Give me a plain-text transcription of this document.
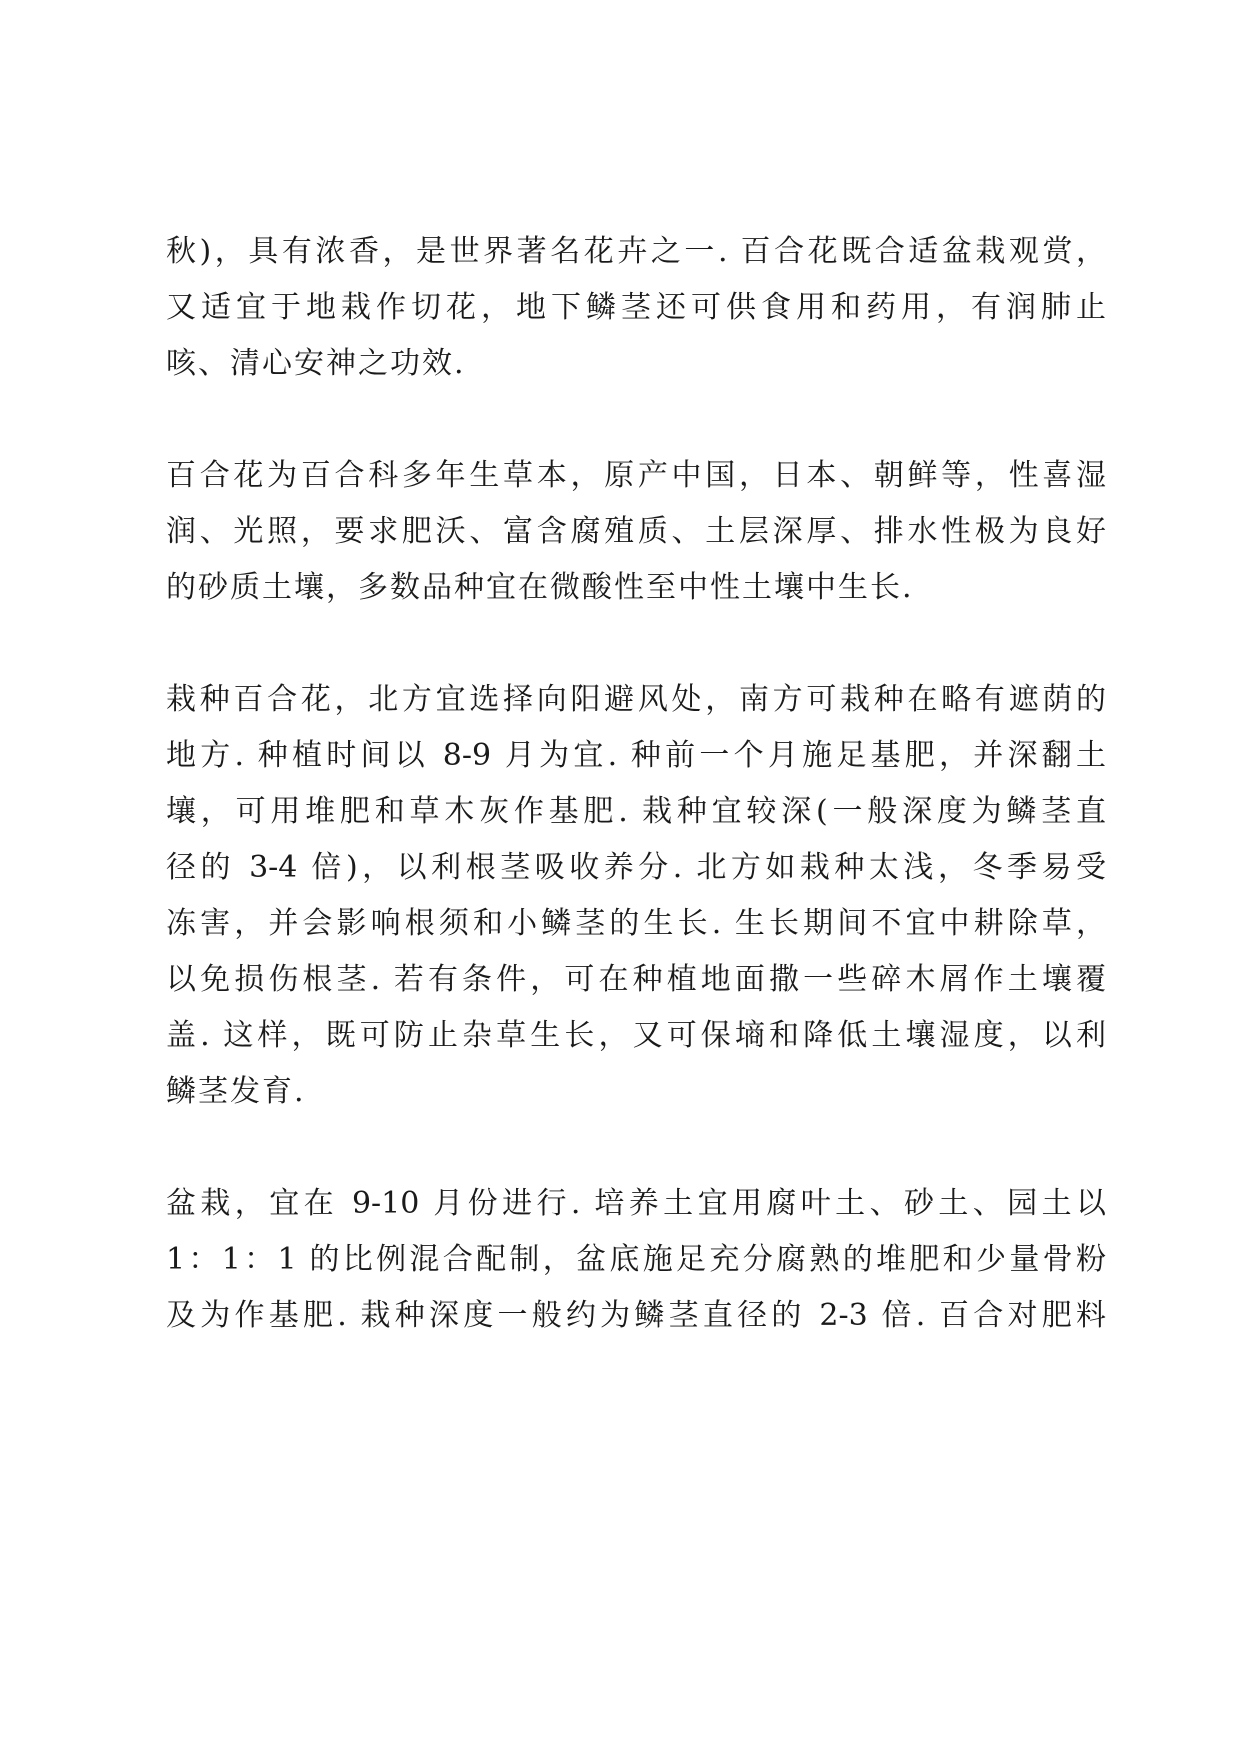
秋)，具有浓香，是世界著名花卉之一. 百合花既合适盆栽观赏，
又适宜于地栽作切花，地下鳞茎还可供食用和药用，有润肺止
咳、清心安神之功效.
百合花为百合科多年生草本，原产中国，日本、朝鲜等，性喜湿
润、光照，要求肥沃、富含腐殖质、土层深厚、排水性极为良好
的砂质土壤，多数品种宜在微酸性至中性土壤中生长.
栽种百合花，北方宜选择向阳避风处，南方可栽种在略有遮荫的
地方. 种植时间以 8-9 月为宜. 种前一个月施足基肥，并深翻土
壤，可用堆肥和草木灰作基肥. 栽种宜较深(一般深度为鳞茎直
径的 3-4 倍)，以利根茎吸收养分. 北方如栽种太浅，冬季易受
冻害，并会影响根须和小鳞茎的生长. 生长期间不宜中耕除草，
以免损伤根茎. 若有条件，可在种植地面撒一些碎木屑作土壤覆
盖. 这样，既可防止杂草生长，又可保墒和降低土壤湿度，以利
鳞茎发育.
盆栽，宜在 9-10 月份进行. 培养土宜用腐叶土、砂土、园土以
1：1：1 的比例混合配制，盆底施足充分腐熟的堆肥和少量骨粉
及为作基肥. 栽种深度一般约为鳞茎直径的 2-3 倍. 百合对肥料
